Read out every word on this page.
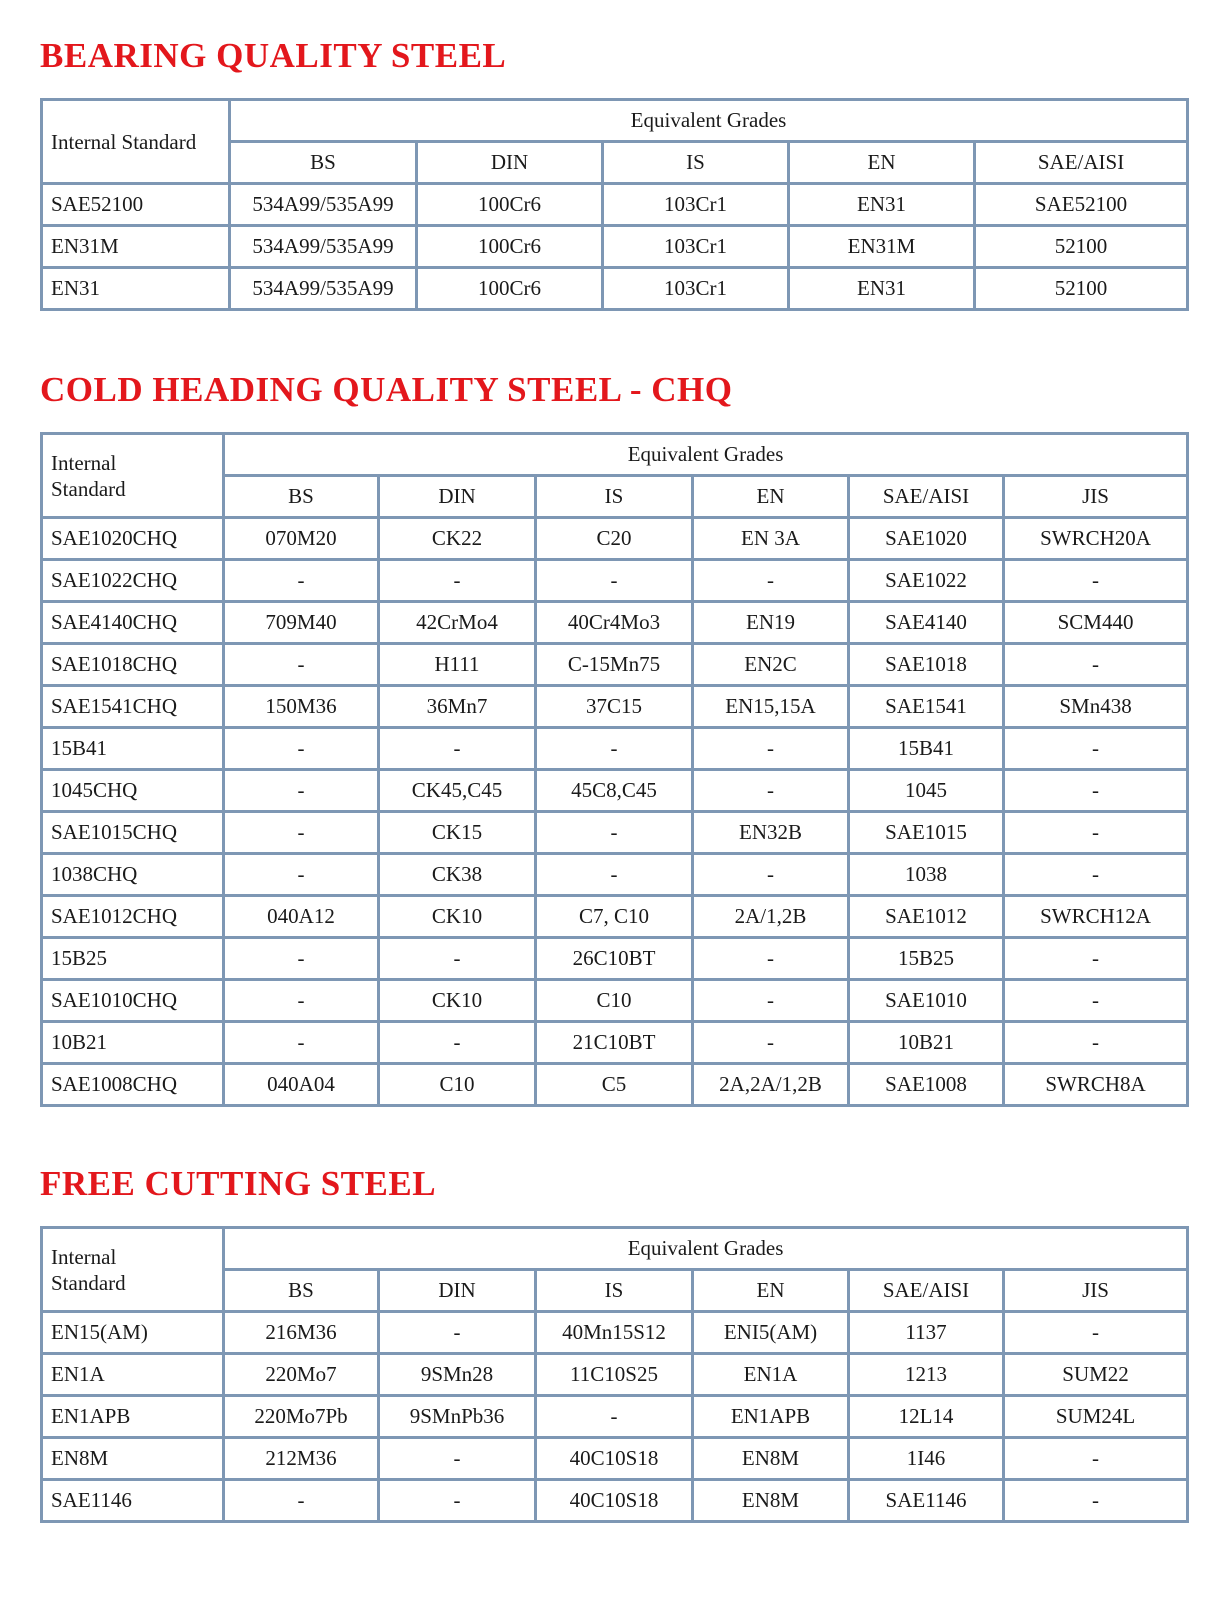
BEARING QUALITY STEEL
Internal Standard	Equivalent Grades				
	BS	DIN	IS	EN	SAE/AISI
SAE52100	534A99/535A99	100Cr6	103Cr1	EN31	SAE52100
EN31M	534A99/535A99	100Cr6	103Cr1	EN31M	52100
EN31	534A99/535A99	100Cr6	103Cr1	EN31	52100
COLD HEADING QUALITY STEEL - CHQ
Internal
Standard	Equivalent Grades					
	BS	DIN	IS	EN	SAE/AISI	JIS
SAE1020CHQ	070M20	CK22	C20	EN 3A	SAE1020	SWRCH20A
SAE1022CHQ	-	-	-	-	SAE1022	-
SAE4140CHQ	709M40	42CrMo4	40Cr4Mo3	EN19	SAE4140	SCM440
SAE1018CHQ	-	H111	C-15Mn75	EN2C	SAE1018	-
SAE1541CHQ	150M36	36Mn7	37C15	EN15,15A	SAE1541	SMn438
15B41	-	-	-	-	15B41	-
1045CHQ	-	CK45,C45	45C8,C45	-	1045	-
SAE1015CHQ	-	CK15	-	EN32B	SAE1015	-
1038CHQ	-	CK38	-	-	1038	-
SAE1012CHQ	040A12	CK10	C7, C10	2A/1,2B	SAE1012	SWRCH12A
15B25	-	-	26C10BT	-	15B25	-
SAE1010CHQ	-	CK10	C10	-	SAE1010	-
10B21	-	-	21C10BT	-	10B21	-
SAE1008CHQ	040A04	C10	C5	2A,2A/1,2B	SAE1008	SWRCH8A
FREE CUTTING STEEL
Internal
Standard	Equivalent Grades					
	BS	DIN	IS	EN	SAE/AISI	JIS
EN15(AM)	216M36	-	40Mn15S12	ENI5(AM)	1137	-
EN1A	220Mo7	9SMn28	11C10S25	EN1A	1213	SUM22
EN1APB	220Mo7Pb	9SMnPb36	-	EN1APB	12L14	SUM24L
EN8M	212M36	-	40C10S18	EN8M	1I46	-
SAE1146	-	-	40C10S18	EN8M	SAE1146	-
